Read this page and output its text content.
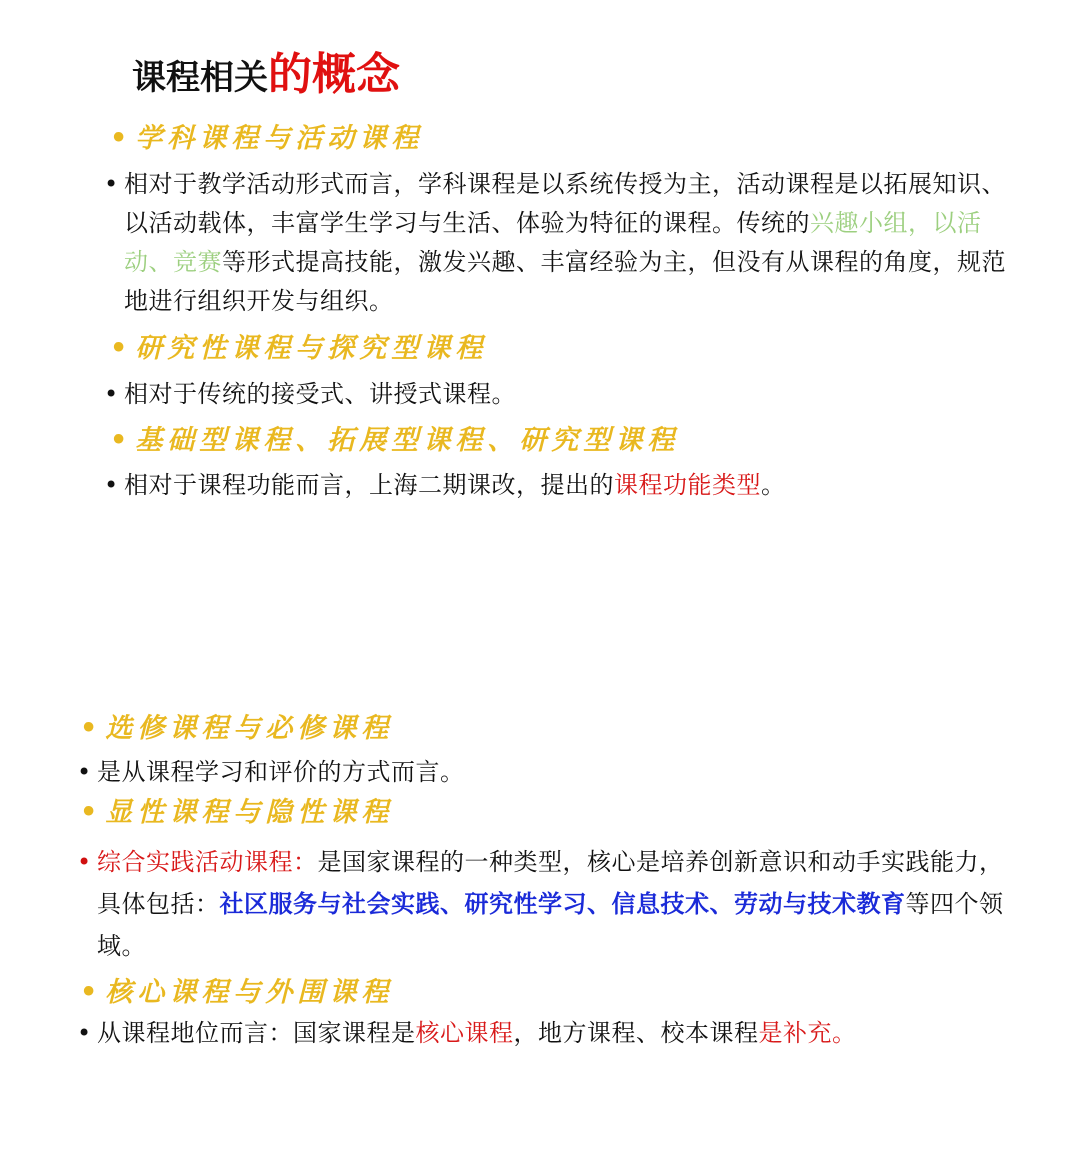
课程相关的概念
• 学科课程与活动课程
• 相对于教学活动形式而言，学科课程是以系统传授为主，活动课程是以拓展知识、以活动载体，丰富学生学习与生活、体验为特征的课程。传统的兴趣小组，以活动、竞赛等形式提高技能，激发兴趣、丰富经验为主，但没有从课程的角度，规范地进行组织开发与组织。
• 研究性课程与探究型课程
• 相对于传统的接受式、讲授式课程。
• 基础型课程、拓展型课程、研究型课程
• 相对于课程功能而言，上海二期课改，提出的课程功能类型。
• 选修课程与必修课程
• 是从课程学习和评价的方式而言。
• 显性课程与隐性课程
• 综合实践活动课程：是国家课程的一种类型，核心是培养创新意识和动手实践能力，具体包括：社区服务与社会实践、研究性学习、信息技术、劳动与技术教育等四个领域。
• 核心课程与外围课程
• 从课程地位而言：国家课程是核心课程，地方课程、校本课程是补充。
